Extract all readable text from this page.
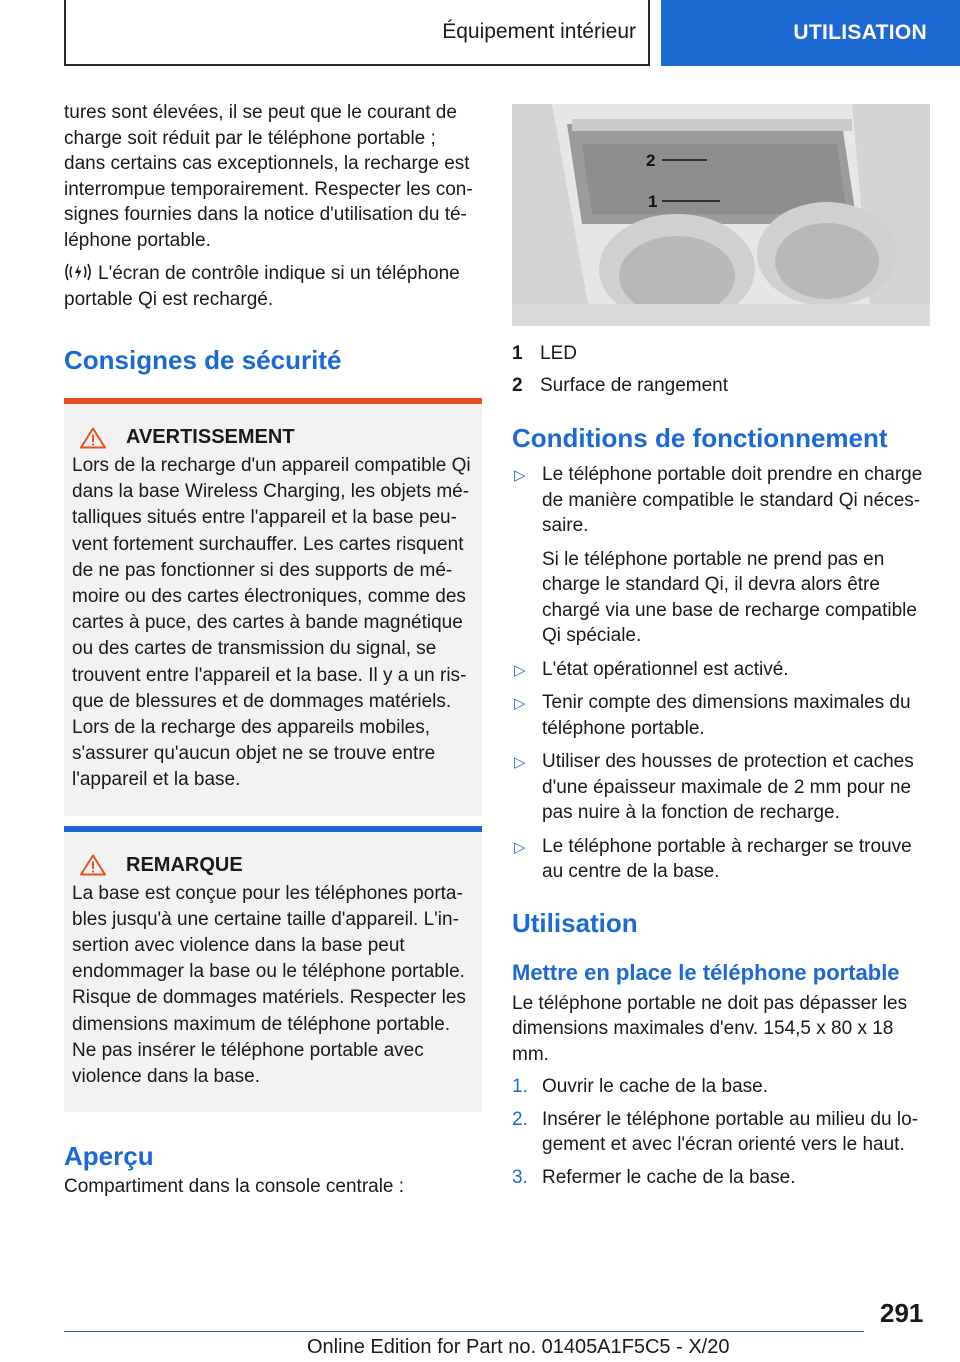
Équipement intérieur	UTILISATION

tures sont élevées, il se peut que le courant de charge soit réduit par le téléphone portable ; dans certains cas exceptionnels, la recharge est interrompue temporairement. Respecter les consignes fournies dans la notice d'utilisation du téléphone portable.

L'écran de contrôle indique si un téléphone portable Qi est rechargé.
Consignes de sécurité
AVERTISSEMENT

Lors de la recharge d'un appareil compatible Qi dans la base Wireless Charging, les objets métalliques situés entre l'appareil et la base peuvent fortement surchauffer. Les cartes risquent de ne pas fonctionner si des supports de mémoire ou des cartes électroniques, comme des cartes à puce, des cartes à bande magnétique ou des cartes de transmission du signal, se trouvent entre l'appareil et la base. Il y a un risque de blessures et de dommages matériels. Lors de la recharge des appareils mobiles, s'assurer qu'aucun objet ne se trouve entre l'appareil et la base.

REMARQUE

La base est conçue pour les téléphones portables jusqu'à une certaine taille d'appareil. L'insertion avec violence dans la base peut endommager la base ou le téléphone portable. Risque de dommages matériels. Respecter les dimensions maximum de téléphone portable. Ne pas insérer le téléphone portable avec violence dans la base.

Aperçu

Compartiment dans la console centrale :

2
1
1 LED
2 Surface de rangement
Conditions de fonctionnement
▷ Le téléphone portable doit prendre en charge de manière compatible le standard Qi nécessaire.
Si le téléphone portable ne prend pas en charge le standard Qi, il devra alors être chargé via une base de recharge compatible Qi spéciale.
▷ L'état opérationnel est activé.
▷ Tenir compte des dimensions maximales du téléphone portable.
▷ Utiliser des housses de protection et caches d'une épaisseur maximale de 2 mm pour ne pas nuire à la fonction de recharge.
▷ Le téléphone portable à recharger se trouve au centre de la base.
Utilisation
Mettre en place le téléphone portable

Le téléphone portable ne doit pas dépasser les dimensions maximales d'env. 154,5 x 80 x 18 mm.

1. Ouvrir le cache de la base.
2. Insérer le téléphone portable au milieu du logement et avec l'écran orienté vers le haut.
3. Refermer le cache de la base.
291
Online Edition for Part no. 01405A1F5C5 - X/20
